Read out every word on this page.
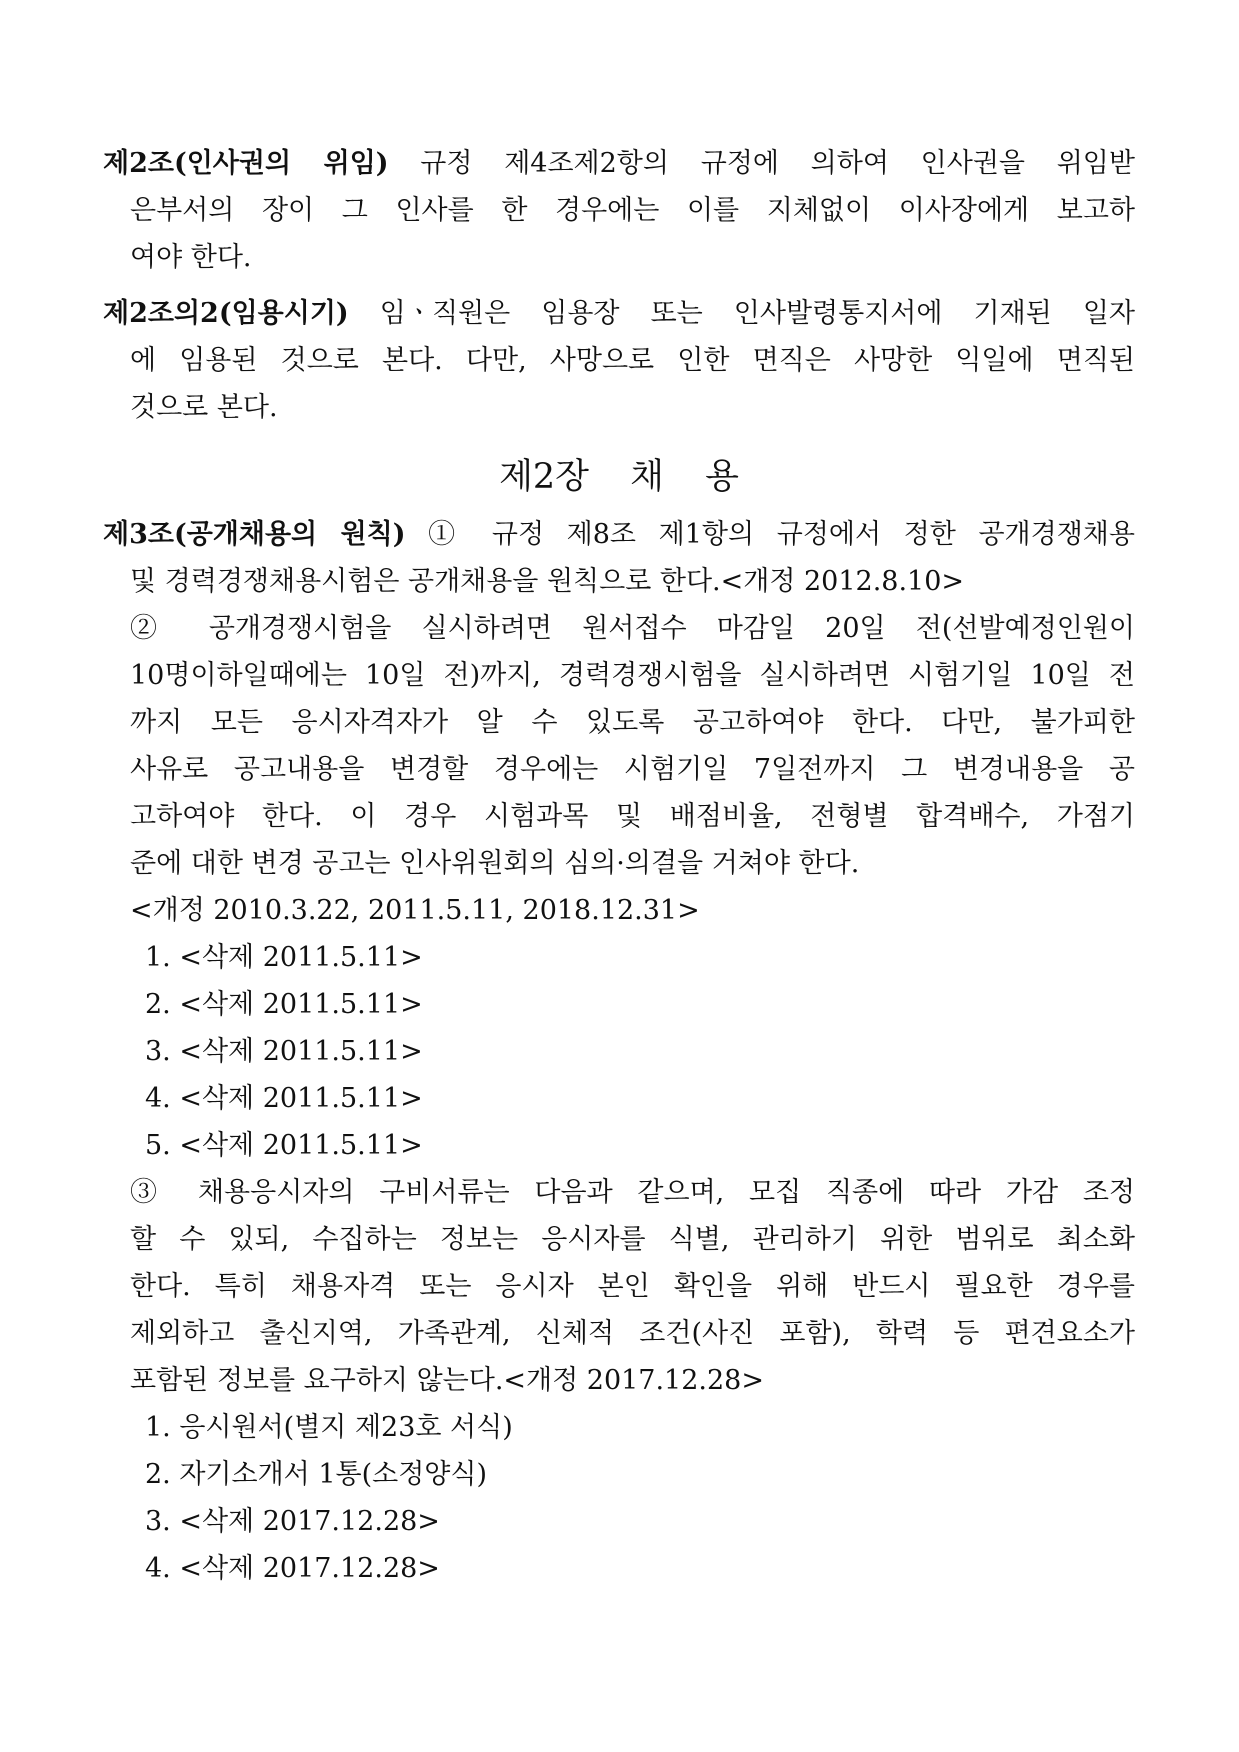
제2조(인사권의 위임) 규정 제4조제2항의 규정에 의하여 인사권을 위임받
은부서의 장이 그 인사를 한 경우에는 이를 지체없이 이사장에게 보고하
여야 한다.
제2조의2(임용시기) 임ㆍ직원은 임용장 또는 인사발령통지서에 기재된 일자
에 임용된 것으로 본다. 다만, 사망으로 인한 면직은 사망한 익일에 면직된
것으로 본다.
제2장 채 용
제3조(공개채용의 원칙) ① 규정 제8조 제1항의 규정에서 정한 공개경쟁채용
및 경력경쟁채용시험은 공개채용을 원칙으로 한다.<개정 2012.8.10>
② 공개경쟁시험을 실시하려면 원서접수 마감일 20일 전(선발예정인원이
10명이하일때에는 10일 전)까지, 경력경쟁시험을 실시하려면 시험기일 10일 전
까지 모든 응시자격자가 알 수 있도록 공고하여야 한다. 다만, 불가피한
사유로 공고내용을 변경할 경우에는 시험기일 7일전까지 그 변경내용을 공
고하여야 한다. 이 경우 시험과목 및 배점비율, 전형별 합격배수, 가점기
준에 대한 변경 공고는 인사위원회의 심의·의결을 거쳐야 한다.
<개정 2010.3.22, 2011.5.11, 2018.12.31>
1. <삭제 2011.5.11>
2. <삭제 2011.5.11>
3. <삭제 2011.5.11>
4. <삭제 2011.5.11>
5. <삭제 2011.5.11>
③ 채용응시자의 구비서류는 다음과 같으며, 모집 직종에 따라 가감 조정
할 수 있되, 수집하는 정보는 응시자를 식별, 관리하기 위한 범위로 최소화
한다. 특히 채용자격 또는 응시자 본인 확인을 위해 반드시 필요한 경우를
제외하고 출신지역, 가족관계, 신체적 조건(사진 포함), 학력 등 편견요소가
포함된 정보를 요구하지 않는다.<개정 2017.12.28>
1. 응시원서(별지 제23호 서식)
2. 자기소개서 1통(소정양식)
3. <삭제 2017.12.28>
4. <삭제 2017.12.28>
